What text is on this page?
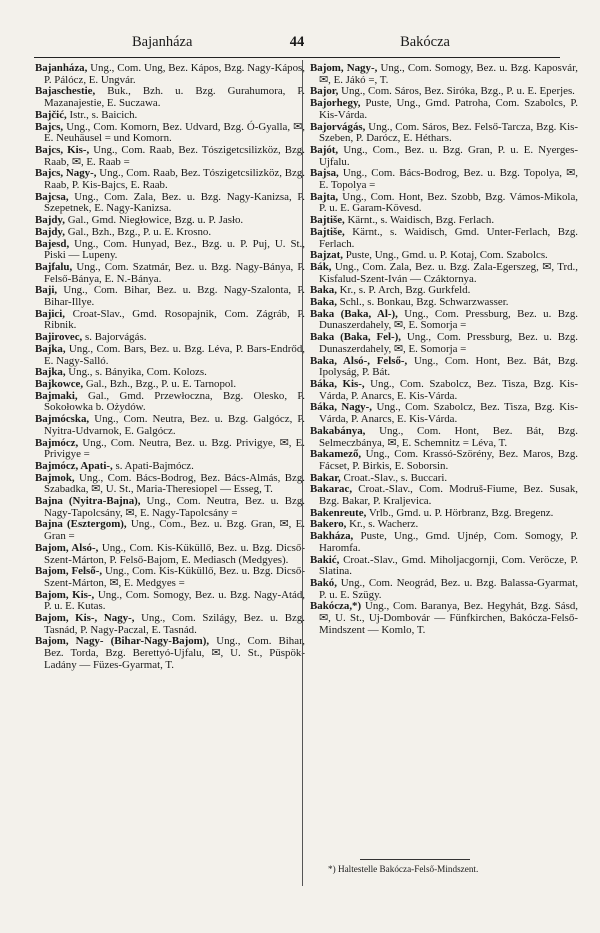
Bajanháza	44	Bakócza

Bajanháza, Ung., Com. Ung, Bez. Kápos, Bzg. Nagy-Kápos, P. Pálócz, E. Ungvár.

Bajaschestie, Buk., Bzh. u. Bzg. Gurahumora, P. Mazanajestie, E. Suczawa.

Bajčić, Istr., s. Baicich.

Bajcs, Ung., Com. Komorn, Bez. Udvard, Bzg. Ó-Gyalla, ✉, E. Neuhäusel = und Komorn.

Bajcs, Kis-, Ung., Com. Raab, Bez. Tószigetcsilizköz, Bzg. Raab, ✉, E. Raab =

Bajcs, Nagy-, Ung., Com. Raab, Bez. Tószigetcsilizköz, Bzg. Raab, P. Kis-Bajcs, E. Raab.

Bajcsa, Ung., Com. Zala, Bez. u. Bzg. Nagy-Kanizsa, P. Szepetnek, E. Nagy-Kanizsa.

Bajdy, Gal., Gmd. Niegłowice, Bzg. u. P. Jasło.

Bajdy, Gal., Bzh., Bzg., P. u. E. Krosno.

Bajesd, Ung., Com. Hunyad, Bez., Bzg. u. P. Puj, U. St., Piski — Lupeny.

Bajfalu, Ung., Com. Szatmár, Bez. u. Bzg. Nagy-Bánya, P. Felső-Bánya, E. N.-Bánya.

Baji, Ung., Com. Bihar, Bez. u. Bzg. Nagy-Szalonta, P. Bihar-Illye.

Bajici, Croat-Slav., Gmd. Rosopajnik, Com. Zágráb, P. Ribnik.

Bajirovec, s. Bajorvágás.

Bajka, Ung., Com. Bars, Bez. u. Bzg. Léva, P. Bars-Endrőd, E. Nagy-Salló.

Bajka, Ung., s. Bányika, Com. Kolozs.

Bajkowce, Gal., Bzh., Bzg., P. u. E. Tarnopol.

Bajmaki, Gal., Gmd. Przewłoczna, Bzg. Olesko, P. Sokołowka b. Ożydów.

Bajmócska, Ung., Com. Neutra, Bez. u. Bzg. Galgócz, P. Nyitra-Udvarnok, E. Galgócz.

Bajmócz, Ung., Com. Neutra, Bez. u. Bzg. Privigye, ✉, E. Privigye =

Bajmócz, Apati-, s. Apati-Bajmócz.

Bajmok, Ung., Com. Bács-Bodrog, Bez. Bács-Almás, Bzg. Szabadka, ✉, U. St., Maria-Theresiopel — Esseg, T.

Bajna (Nyitra-Bajna), Ung., Com. Neutra, Bez. u. Bzg. Nagy-Tapolcsány, ✉, E. Nagy-Tapolcsány =

Bajna (Esztergom), Ung., Com., Bez. u. Bzg. Gran, ✉, E. Gran =

Bajom, Alsó-, Ung., Com. Kis-Küküllő, Bez. u. Bzg. Dicső-Szent-Márton, P. Felső-Bajom, E. Mediasch (Medgyes).

Bajom, Felső-, Ung., Com. Kis-Küküllő, Bez. u. Bzg. Dicső-Szent-Márton, ✉, E. Medgyes =

Bajom, Kis-, Ung., Com. Somogy, Bez. u. Bzg. Nagy-Atád, P. u. E. Kutas.

Bajom, Kis-, Nagy-, Ung., Com. Szilágy, Bez. u. Bzg. Tasnád, P. Nagy-Paczal, E. Tasnád.

Bajom, Nagy- (Bihar-Nagy-Bajom), Ung., Com. Bihar, Bez. Torda, Bzg. Berettyó-Ujfalu, ✉, U. St., Püspök-Ladány — Füzes-Gyarmat, T.

Bajom, Nagy-, Ung., Com. Somogy, Bez. u. Bzg. Kaposvár, ✉, E. Jákó =, T.

Bajor, Ung., Com. Sáros, Bez. Sirókа, Bzg., P. u. E. Eperjes.

Bajorhegy, Puste, Ung., Gmd. Patroha, Com. Szabolcs, P. Kis-Várda.

Bajorvágás, Ung., Com. Sáros, Bez. Felső-Tarcza, Bzg. Kis-Szeben, P. Daróсz, E. Héthars.

Bajót, Ung., Com., Bez. u. Bzg. Gran, P. u. E. Nyerges-Ujfalu.

Bajsa, Ung., Com. Bács-Bodrog, Bez. u. Bzg. Topolya, ✉, E. Topolya =

Bajta, Ung., Com. Hont, Bez. Szobb, Bzg. Vámos-Mikola, P. u. E. Garam-Kövesd.

Bajtiše, Kärnt., s. Waidisch, Bzg. Ferlach.

Bajtiše, Kärnt., s. Waidisch, Gmd. Unter-Ferlach, Bzg. Ferlach.

Bajzat, Puste, Ung., Gmd. u. P. Kotaj, Com. Szabolcs.

Bák, Ung., Com. Zala, Bez. u. Bzg. Zala-Egerszeg, ✉, Trd., Kisfalud-Szent-Iván — Czáktornya.

Baka, Kr., s. P. Arch, Bzg. Gurkfeld.

Baka, Schl., s. Bonkau, Bzg. Schwarzwasser.

Baka (Baka, Al-), Ung., Com. Pressburg, Bez. u. Bzg. Dunaszerdahely, ✉, E. Somorja =

Baka (Baka, Fel-), Ung., Com. Pressburg, Bez. u. Bzg. Dunaszerdahely, ✉, E. Somorja =

Baka, Alsó-, Felső-, Ung., Com. Hont, Bez. Bát, Bzg. Ipolyság, P. Bát.

Báka, Kis-, Ung., Com. Szabolcz, Bez. Tisza, Bzg. Kis-Várda, P. Anarcs, E. Kis-Várda.

Báka, Nagy-, Ung., Com. Szabolcz, Bez. Tisza, Bzg. Kis-Várda, P. Anarcs, E. Kis-Várda.

Bakabánya, Ung., Com. Hont, Bez. Bát, Bzg. Selmeczbánya, ✉, E. Schemnitz = Léva, T.

Bakamező, Ung., Com. Krassó-Szörény, Bez. Maros, Bzg. Fácset, P. Birkis, E. Soborsin.

Bakar, Croat.-Slav., s. Buccari.

Bakarac, Croat.-Slav., Com. Modruš-Fiume, Bez. Susak, Bzg. Bakar, P. Kraljevica.

Bakenreute, Vrlb., Gmd. u. P. Hörbranz, Bzg. Bregenz.

Bakero, Kr., s. Wacherz.

Bakháza, Puste, Ung., Gmd. Ujnép, Com. Somogy, P. Haromfa.

Bakić, Croat.-Slav., Gmd. Miholjacgornji, Com. Veröcze, P. Slatina.

Bakó, Ung., Com. Neográd, Bez. u. Bzg. Balassa-Gyarmat, P. u. E. Szügy.

Bakócza,*) Ung., Com. Baranya, Bez. Hegyhát, Bzg. Sásd, ✉, U. St., Uj-Dombovár — Fünfkirchen, Bakócza-Felső-Mindszent — Komlo, T.

*) Haltestelle Bakócza-Felső-Mindszent.
